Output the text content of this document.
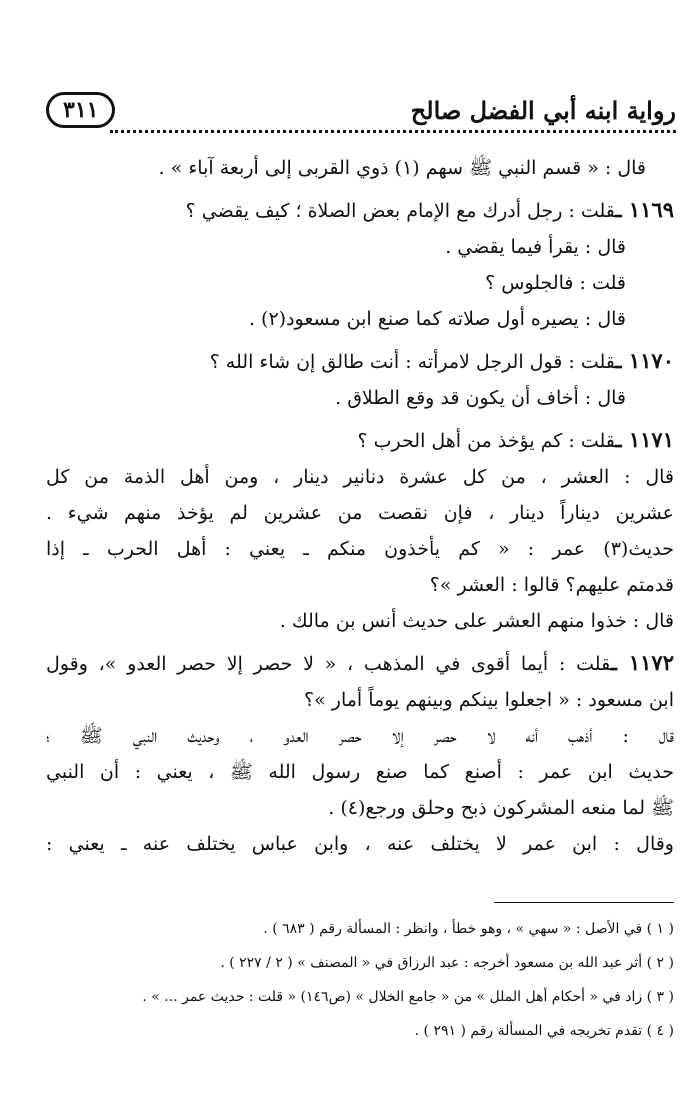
رواية ابنه أبي الفضل صالح
٣١١
قال : « قسم النبي ﷺ سهم (١) ذوي القربى إلى أربعة آباء » .
١١٦٩ ـقلت : رجل أدرك مع الإمام بعض الصلاة ؛ كيف يقضي ؟
قال : يقرأ فيما يقضي .
قلت : فالجلوس ؟
قال : يصيره أول صلاته كما صنع ابن مسعود(٢) .
١١٧٠ ـقلت : قول الرجل لامرأته : أنت طالق إن شاء الله ؟
قال : أخاف أن يكون قد وقع الطلاق .
١١٧١ ـقلت : كم يؤخذ من أهل الحرب ؟
قال : العشر ، من كل عشرة دنانير دينار ، ومن أهل الذمة من كل
عشرين ديناراً دينار ، فإن نقصت من عشرين لم يؤخذ منهم شيء .
حديث(٣) عمر : « كم يأخذون منكم ـ يعني : أهل الحرب ـ إذا
قدمتم عليهم؟ قالوا : العشر »؟
قال : خذوا منهم العشر على حديث أنس بن مالك .
١١٧٢ ـقلت : أيما أقوى في المذهب ، « لا حصر إلا حصر العدو »، وقول
ابن مسعود : « اجعلوا بينكم وبينهم يوماً أمار »؟
قال : أذهب أنه لا حصر إلا حصر العدو ، وحديث النبي ﷺ ؛
حديث ابن عمر : أصنع كما صنع رسول الله ﷺ ، يعني : أن النبي
ﷺ لما منعه المشركون ذبح وحلق ورجع(٤) .
وقال : ابن عمر لا يختلف عنه ، وابن عباس يختلف عنه ـ يعني :
( ١ ) في الأصل : « سهي » ، وهو خطأ ، وانظر : المسألة رقم ( ٦٨٣ ) .
( ٢ ) أثر عبد الله بن مسعود أخرجه : عبد الرزاق في « المصنف » ( ٢ / ٢٢٧ ) .
( ٣ ) زاد في « أحكام أهل الملل » من « جامع الخلال » (ص١٤٦) « قلت : حديث عمر ... » .
( ٤ ) تقدم تخريجه في المسألة رقم ( ٢٩١ ) .
